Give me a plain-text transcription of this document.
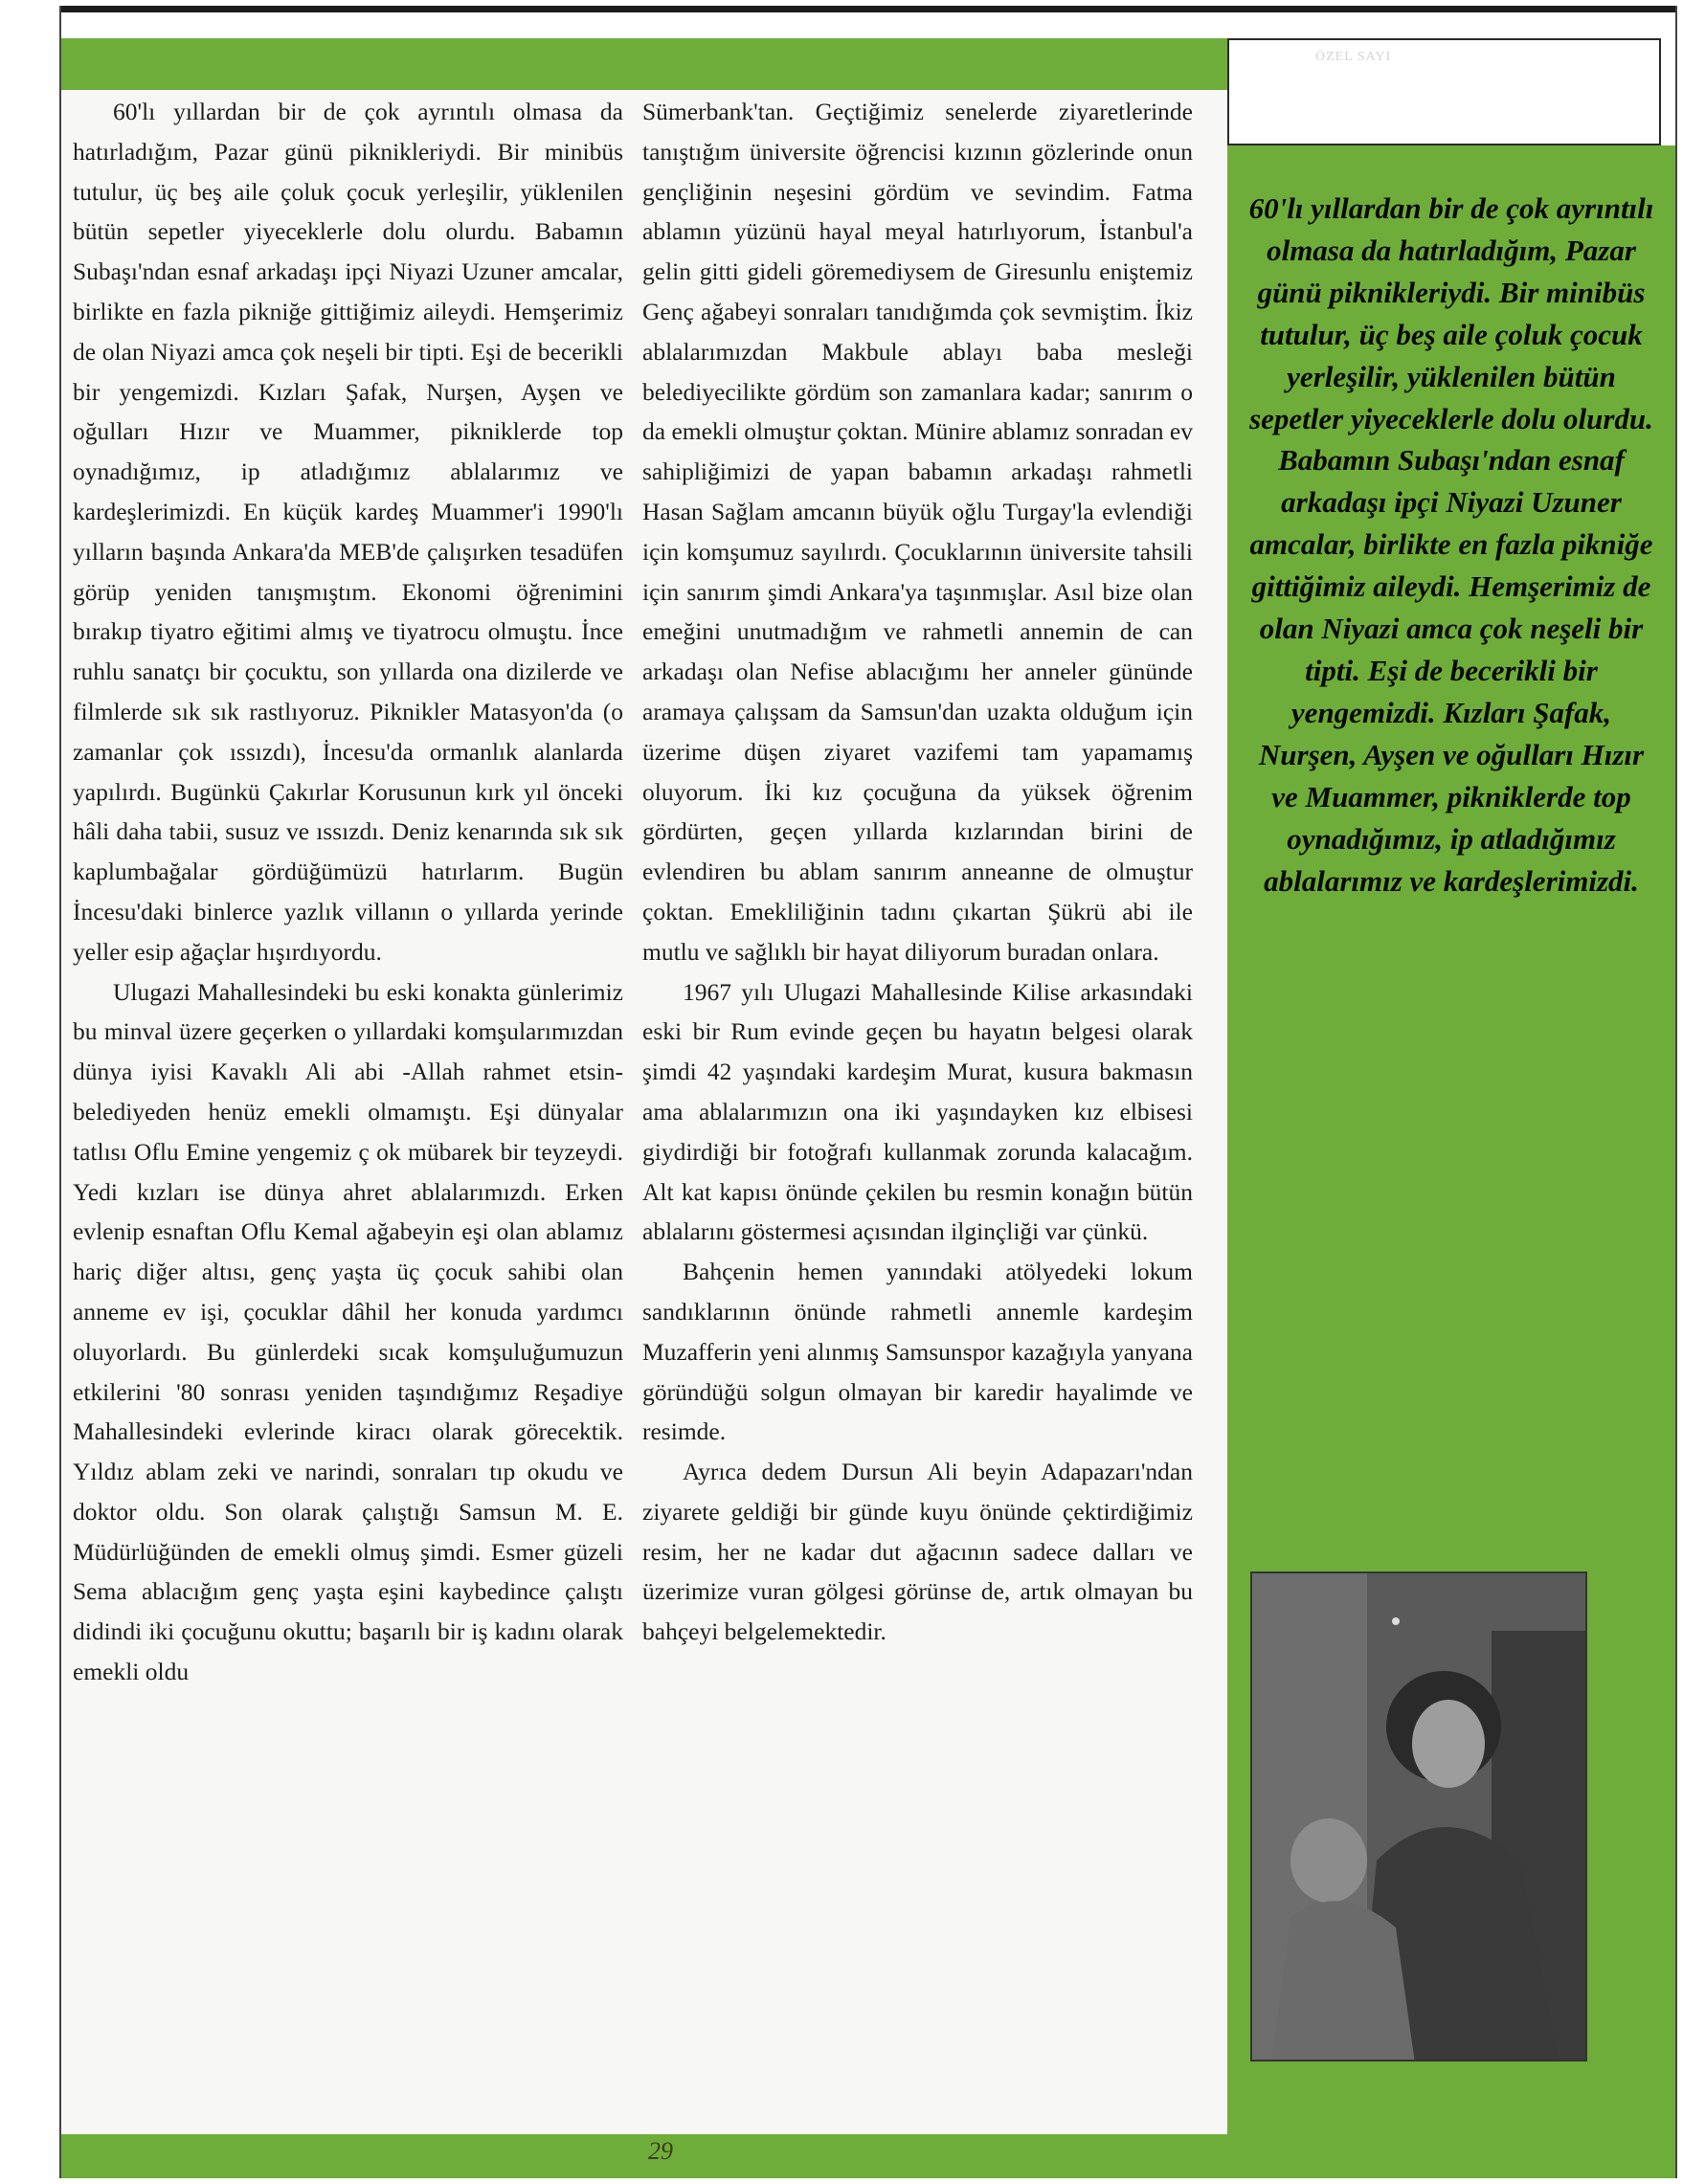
ÖZEL SAYI

60'lı yıllardan bir de çok ayrıntılı olmasa da hatırladığım, Pazar günü piknikleriydi. Bir minibüs tutulur, üç beş aile çoluk çocuk yerleşilir, yüklenilen bütün sepetler yiyeceklerle dolu olurdu. Babamın Subaşı'ndan esnaf arkadaşı ipçi Niyazi Uzuner amcalar, birlikte en fazla pikniğe gittiğimiz aileydi. Hemşerimiz de olan Niyazi amca çok neşeli bir tipti. Eşi de becerikli bir yengemizdi. Kızları Şafak, Nurşen, Ayşen ve oğulları Hızır ve Muammer, pikniklerde top oynadığımız, ip atladığımız ablalarımız ve kardeşlerimizdi. En küçük kardeş Muammer'i 1990'lı yılların başında Ankara'da MEB'de çalışırken tesadüfen görüp yeniden tanışmıştım. Ekonomi öğrenimini bırakıp tiyatro eğitimi almış ve tiyatrocu olmuştu. İnce ruhlu sanatçı bir çocuktu, son yıllarda ona dizilerde ve filmlerde sık sık rastlıyoruz. Piknikler Matasyon'da (o zamanlar çok ıssızdı), İncesu'da ormanlık alanlarda yapılırdı. Bugünkü Çakırlar Korusunun kırk yıl önceki hâli daha tabii, susuz ve ıssızdı. Deniz kenarında sık sık kaplumbağalar gördüğümüzü hatırlarım. Bugün İncesu'daki binlerce yazlık villanın o yıllarda yerinde yeller esip ağaçlar hışırdıyordu.

Ulugazi Mahallesindeki bu eski konakta günlerimiz bu minval üzere geçerken o yıllardaki komşularımızdan dünya iyisi Kavaklı Ali abi -Allah rahmet etsin- belediyeden henüz emekli olmamıştı. Eşi dünyalar tatlısı Oflu Emine yengemiz ç ok mübarek bir teyzeydi. Yedi kızları ise dünya ahret ablalarımızdı. Erken evlenip esnaftan Oflu Kemal ağabeyin eşi olan ablamız hariç diğer altısı, genç yaşta üç çocuk sahibi olan anneme ev işi, çocuklar dâhil her konuda yardımcı oluyorlardı. Bu günlerdeki sıcak komşuluğumuzun etkilerini '80 sonrası yeniden taşındığımız Reşadiye Mahallesindeki evlerinde kiracı olarak görecektik. Yıldız ablam zeki ve narindi, sonraları tıp okudu ve doktor oldu. Son olarak çalıştığı Samsun M. E. Müdürlüğünden de emekli olmuş şimdi. Esmer güzeli Sema ablacığım genç yaşta eşini kaybedince çalıştı didindi iki çocuğunu okuttu; başarılı bir iş kadını olarak emekli oldu

Sümerbank'tan. Geçtiğimiz senelerde ziyaretlerinde tanıştığım üniversite öğrencisi kızının gözlerinde onun gençliğinin neşesini gördüm ve sevindim. Fatma ablamın yüzünü hayal meyal hatırlıyorum, İstanbul'a gelin gitti gideli göremediysem de Giresunlu eniştemiz Genç ağabeyi sonraları tanıdığımda çok sevmiştim. İkiz ablalarımızdan Makbule ablayı baba mesleği belediyecilikte gördüm son zamanlara kadar; sanırım o da emekli olmuştur çoktan. Münire ablamız sonradan ev sahipliğimizi de yapan babamın arkadaşı rahmetli Hasan Sağlam amcanın büyük oğlu Turgay'la evlendiği için komşumuz sayılırdı. Çocuklarının üniversite tahsili için sanırım şimdi Ankara'ya taşınmışlar. Asıl bize olan emeğini unutmadığım ve rahmetli annemin de can arkadaşı olan Nefise ablacığımı her anneler gününde aramaya çalışsam da Samsun'dan uzakta olduğum için üzerime düşen ziyaret vazifemi tam yapamamış oluyorum. İki kız çocuğuna da yüksek öğrenim gördürten, geçen yıllarda kızlarından birini de evlendiren bu ablam sanırım anneanne de olmuştur çoktan. Emekliliğinin tadını çıkartan Şükrü abi ile mutlu ve sağlıklı bir hayat diliyorum buradan onlara.

1967 yılı Ulugazi Mahallesinde Kilise arkasındaki eski bir Rum evinde geçen bu hayatın belgesi olarak şimdi 42 yaşındaki kardeşim Murat, kusura bakmasın ama ablalarımızın ona iki yaşındayken kız elbisesi giydirdiği bir fotoğrafı kullanmak zorunda kalacağım. Alt kat kapısı önünde çekilen bu resmin konağın bütün ablalarını göstermesi açısından ilginçliği var çünkü.

Bahçenin hemen yanındaki atölyedeki lokum sandıklarının önünde rahmetli annemle kardeşim Muzafferin yeni alınmış Samsunspor kazağıyla yanyana göründüğü solgun olmayan bir karedir hayalimde ve resimde.

Ayrıca dedem Dursun Ali beyin Adapazarı'ndan ziyarete geldiği bir günde kuyu önünde çektirdiğimiz resim, her ne kadar dut ağacının sadece dalları ve üzerimize vuran gölgesi görünse de, artık olmayan bu bahçeyi belgelemektedir.

60'lı yıllardan bir de çok ayrıntılı olmasa da hatırladığım, Pazar günü piknikleriydi. Bir minibüs tutulur, üç beş aile çoluk çocuk yerleşilir, yüklenilen bütün sepetler yiyeceklerle dolu olurdu. Babamın Subaşı'ndan esnaf arkadaşı ipçi Niyazi Uzuner amcalar, birlikte en fazla pikniğe gittiğimiz aileydi. Hemşerimiz de olan Niyazi amca çok neşeli bir tipti. Eşi de becerikli bir yengemizdi. Kızları Şafak, Nurşen, Ayşen ve oğulları Hızır ve Muammer, pikniklerde top oynadığımız, ip atladığımız ablalarımız ve kardeşlerimizdi.
29
